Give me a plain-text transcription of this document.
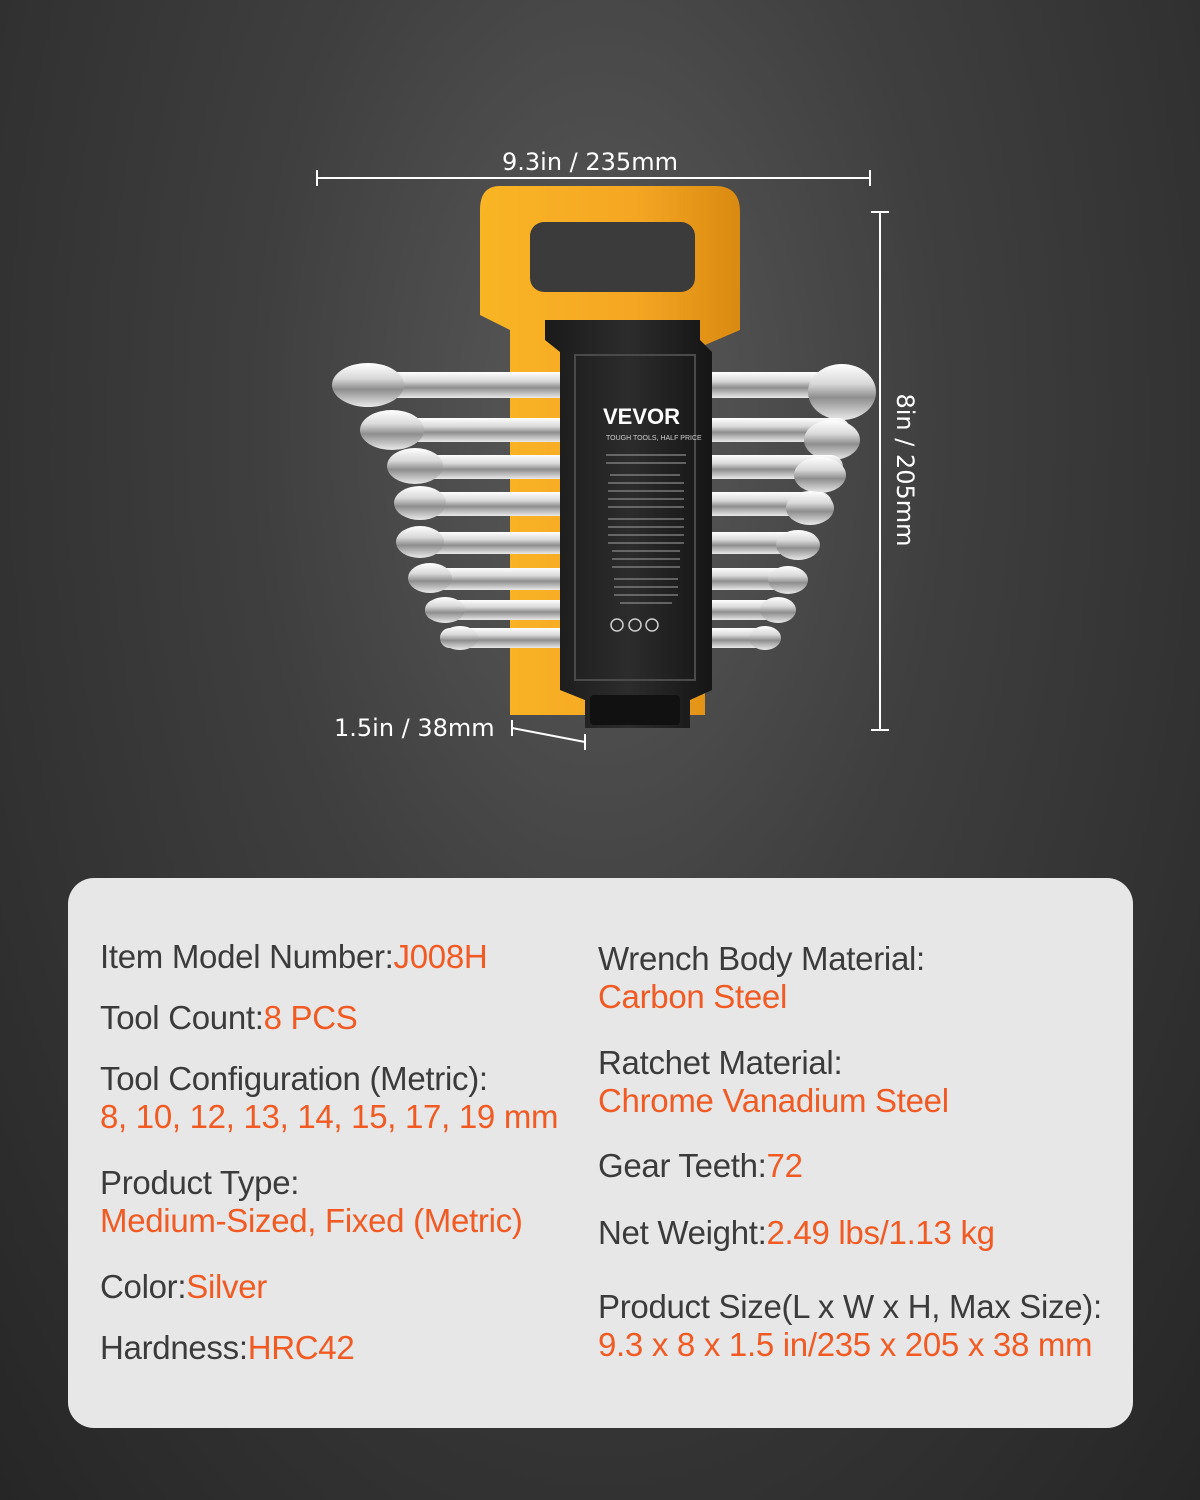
9.3in / 235mm
8in / 205mm
1.5in / 38mm
VEVOR
TOUGH TOOLS, HALF PRICE
Item Model Number:J008H
Tool Count:8 PCS
Tool Configuration (Metric):
8, 10, 12, 13, 14, 15, 17, 19 mm
Product Type:
Medium-Sized, Fixed (Metric)
Color:Silver
Hardness:HRC42
Wrench Body Material:
Carbon Steel
Ratchet Material:
Chrome Vanadium Steel
Gear Teeth:72
Net Weight:2.49 lbs/1.13 kg
Product Size(L x W x H, Max Size):
9.3 x 8 x 1.5 in/235 x 205 x 38 mm
